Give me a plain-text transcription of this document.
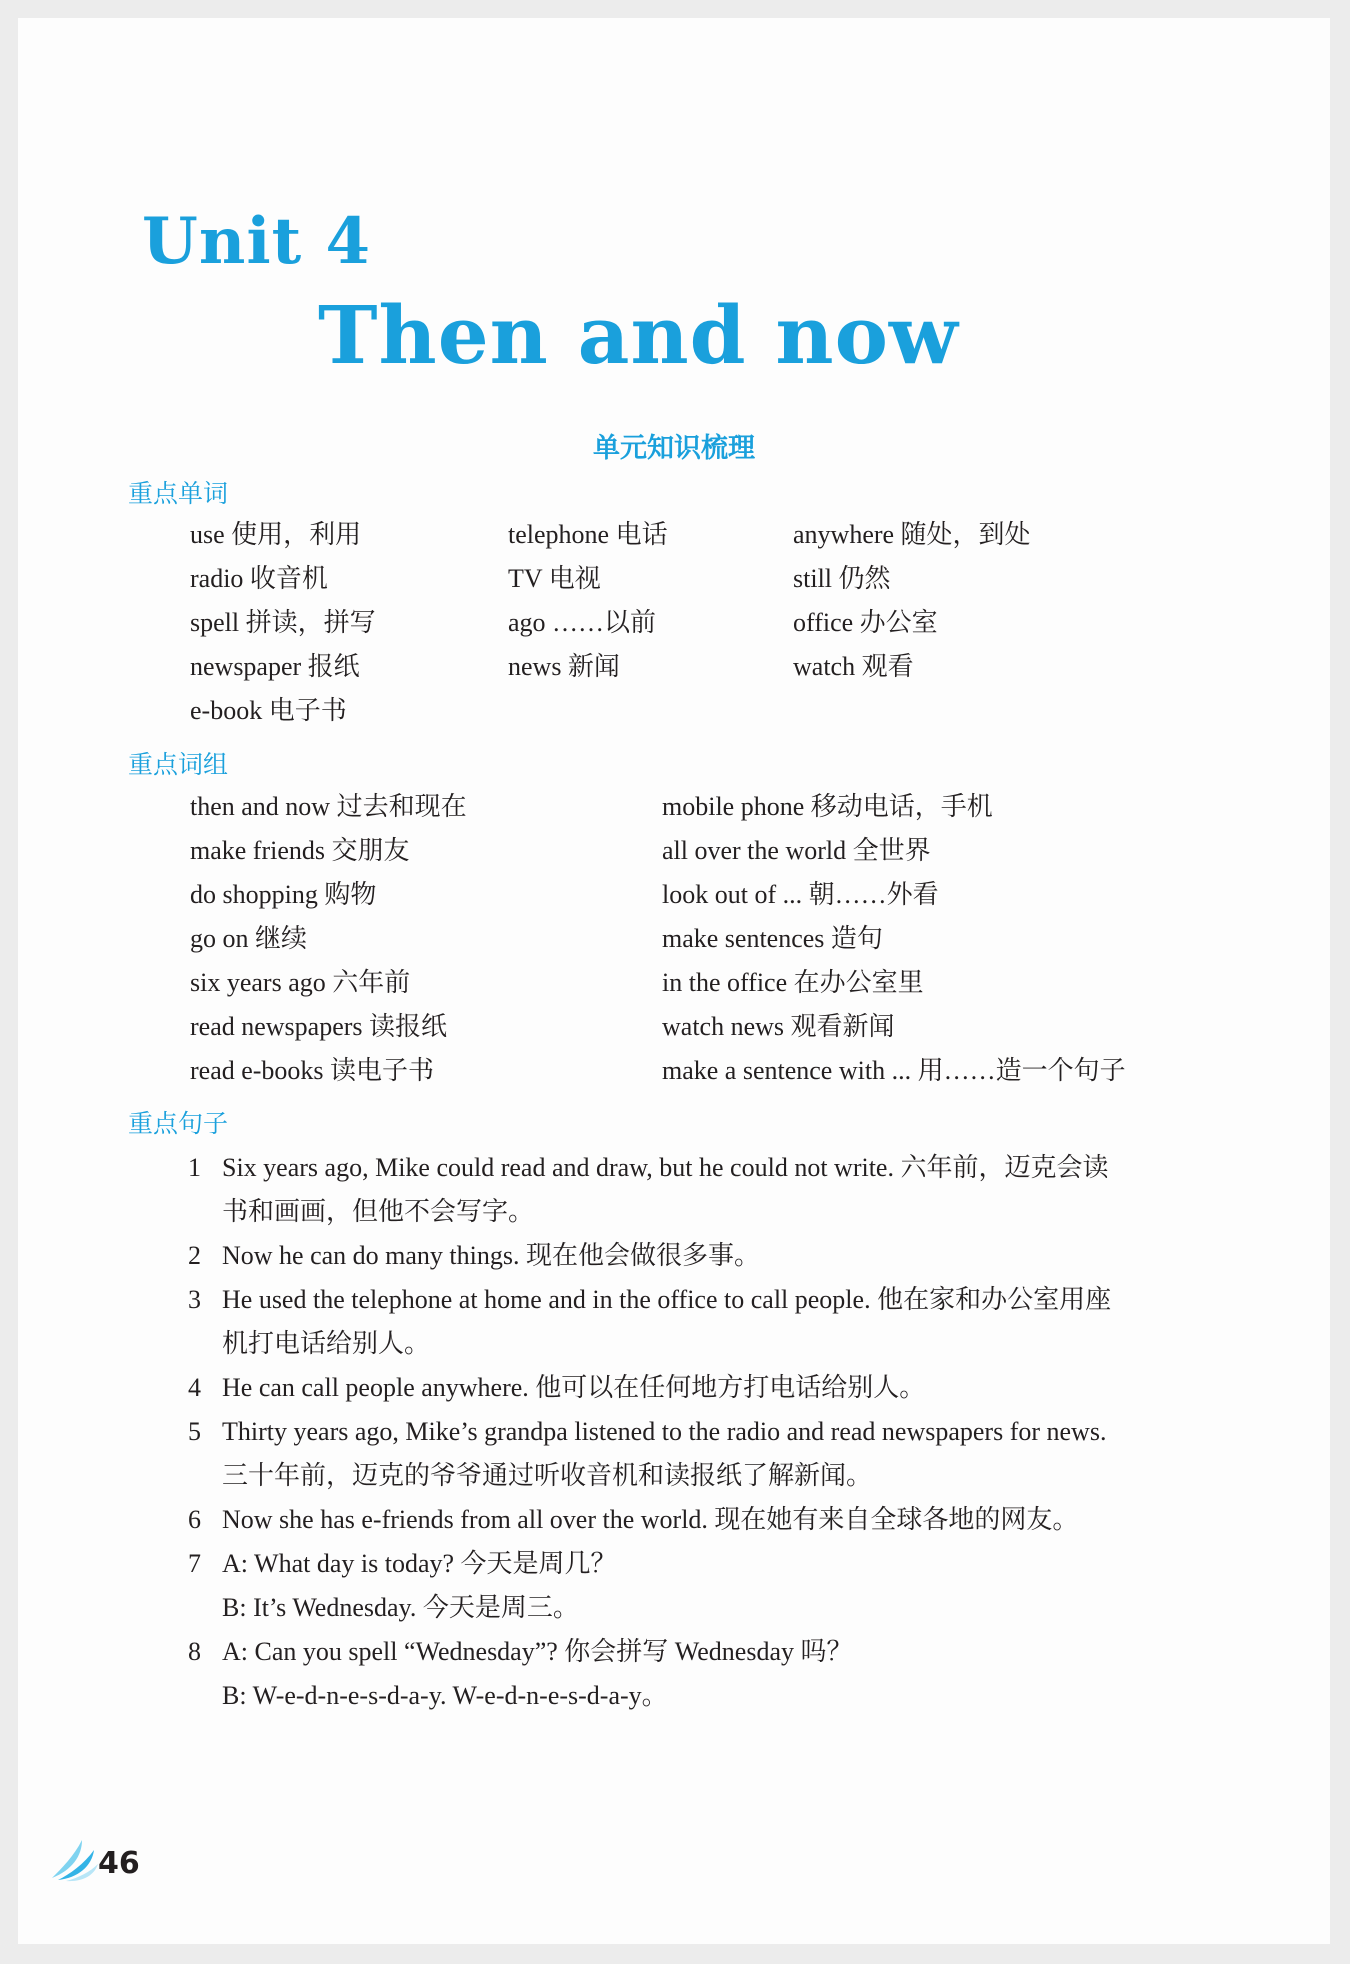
Unit 4
Then and now
单元知识梳理
重点单词
use 使用，利用
radio 收音机
spell 拼读，拼写
newspaper 报纸
e-book 电子书
telephone 电话
TV 电视
ago ……以前
news 新闻
anywhere 随处，到处
still 仍然
office 办公室
watch 观看
重点词组
then and now 过去和现在
make friends 交朋友
do shopping 购物
go on 继续
six years ago 六年前
read newspapers 读报纸
read e-books 读电子书
mobile phone 移动电话，手机
all over the world 全世界
look out of ... 朝……外看
make sentences 造句
in the office 在办公室里
watch news 观看新闻
make a sentence with ... 用……造一个句子
重点句子
1 Six years ago, Mike could read and draw, but he could not write. 六年前，迈克会读
书和画画，但他不会写字。
2 Now he can do many things. 现在他会做很多事。
3 He used the telephone at home and in the office to call people. 他在家和办公室用座
机打电话给别人。
4 He can call people anywhere. 他可以在任何地方打电话给别人。
5 Thirty years ago, Mike’s grandpa listened to the radio and read newspapers for news.
三十年前，迈克的爷爷通过听收音机和读报纸了解新闻。
6 Now she has e-friends from all over the world. 现在她有来自全球各地的网友。
7 A: What day is today? 今天是周几？
B: It’s Wednesday. 今天是周三。
8 A: Can you spell “Wednesday”? 你会拼写 Wednesday 吗？
B: W-e-d-n-e-s-d-a-y. W-e-d-n-e-s-d-a-y。
46
